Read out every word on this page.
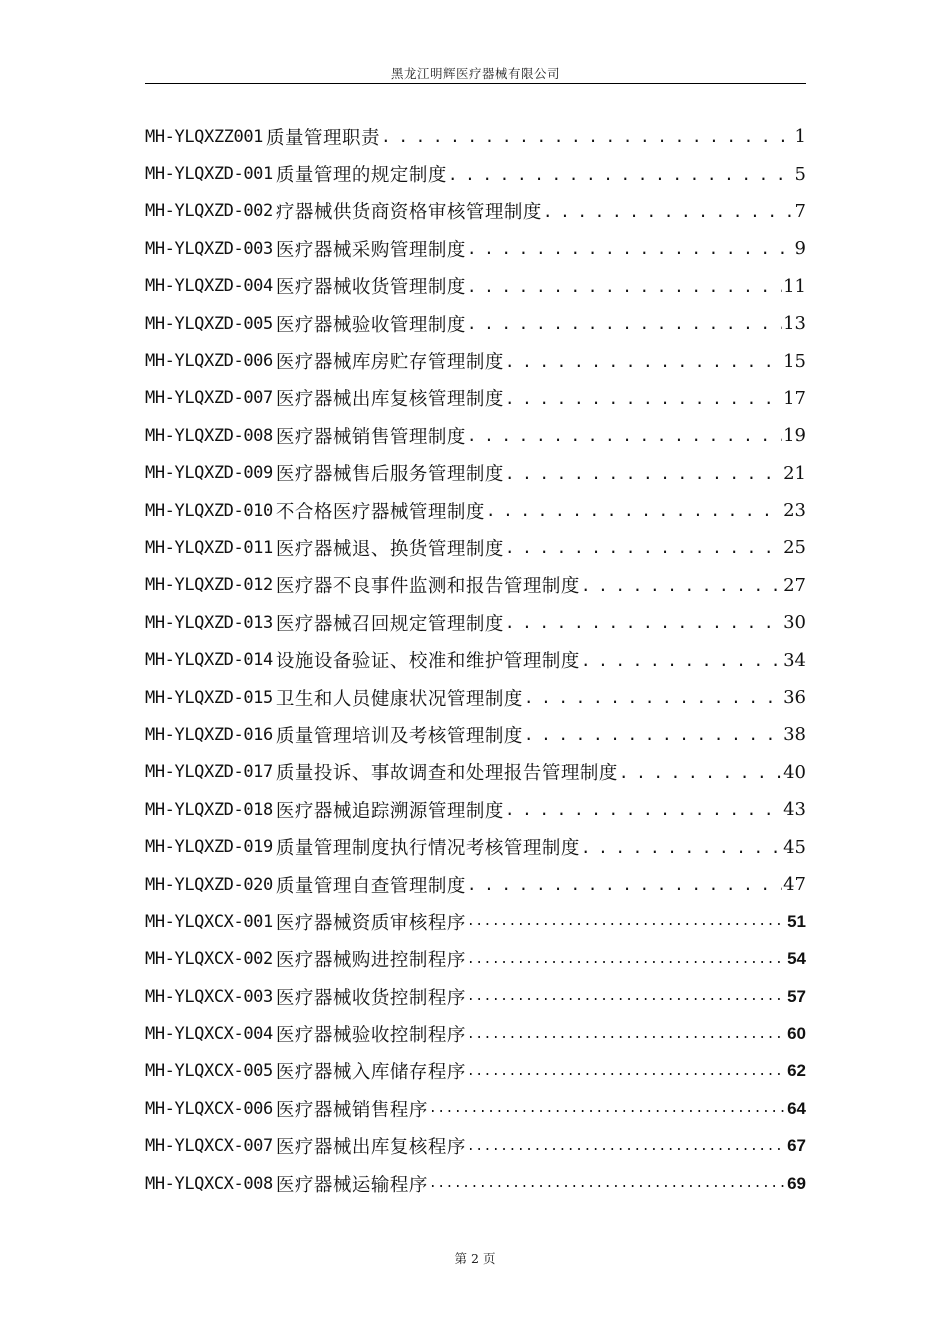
黑龙江明辉医疗器械有限公司
MH-YLQXZZ001 质量管理职责 . . .	1
MH-YLQXZD-001 质量管理的规定制度 . . .	5
MH-YLQXZD-002 疗器械供货商资格审核管理制度 . . .	7
MH-YLQXZD-003 医疗器械采购管理制度 . . .	9
MH-YLQXZD-004 医疗器械收货管理制度 . . .	11
MH-YLQXZD-005 医疗器械验收管理制度 . . .	13
MH-YLQXZD-006 医疗器械库房贮存管理制度 . . .	15
MH-YLQXZD-007 医疗器械出库复核管理制度 . . .	17
MH-YLQXZD-008 医疗器械销售管理制度 . . .	19
MH-YLQXZD-009 医疗器械售后服务管理制度 . . .	21
MH-YLQXZD-010 不合格医疗器械管理制度 . . .	23
MH-YLQXZD-011 医疗器械退、换货管理制度 . . .	25
MH-YLQXZD-012 医疗器不良事件监测和报告管理制度 . . .	27
MH-YLQXZD-013 医疗器械召回规定管理制度 . . .	30
MH-YLQXZD-014 设施设备验证、校准和维护管理制度 . . .	34
MH-YLQXZD-015 卫生和人员健康状况管理制度 . . .	36
MH-YLQXZD-016 质量管理培训及考核管理制度 . . .	38
MH-YLQXZD-017 质量投诉、事故调查和处理报告管理制度 . . .	40
MH-YLQXZD-018 医疗器械追踪溯源管理制度 . . .	43
MH-YLQXZD-019 质量管理制度执行情况考核管理制度 . . .	45
MH-YLQXZD-020 质量管理自查管理制度 . . .	47
MH-YLQXCX-001 医疗器械资质审核程序 .....	51
MH-YLQXCX-002 医疗器械购进控制程序 .....	54
MH-YLQXCX-003 医疗器械收货控制程序 .....	57
MH-YLQXCX-004 医疗器械验收控制程序 .....	60
MH-YLQXCX-005 医疗器械入库储存程序 .....	62
MH-YLQXCX-006 医疗器械销售程序 .....	64
MH-YLQXCX-007 医疗器械出库复核程序 .....	67
MH-YLQXCX-008 医疗器械运输程序 .....	69
第 2 页
